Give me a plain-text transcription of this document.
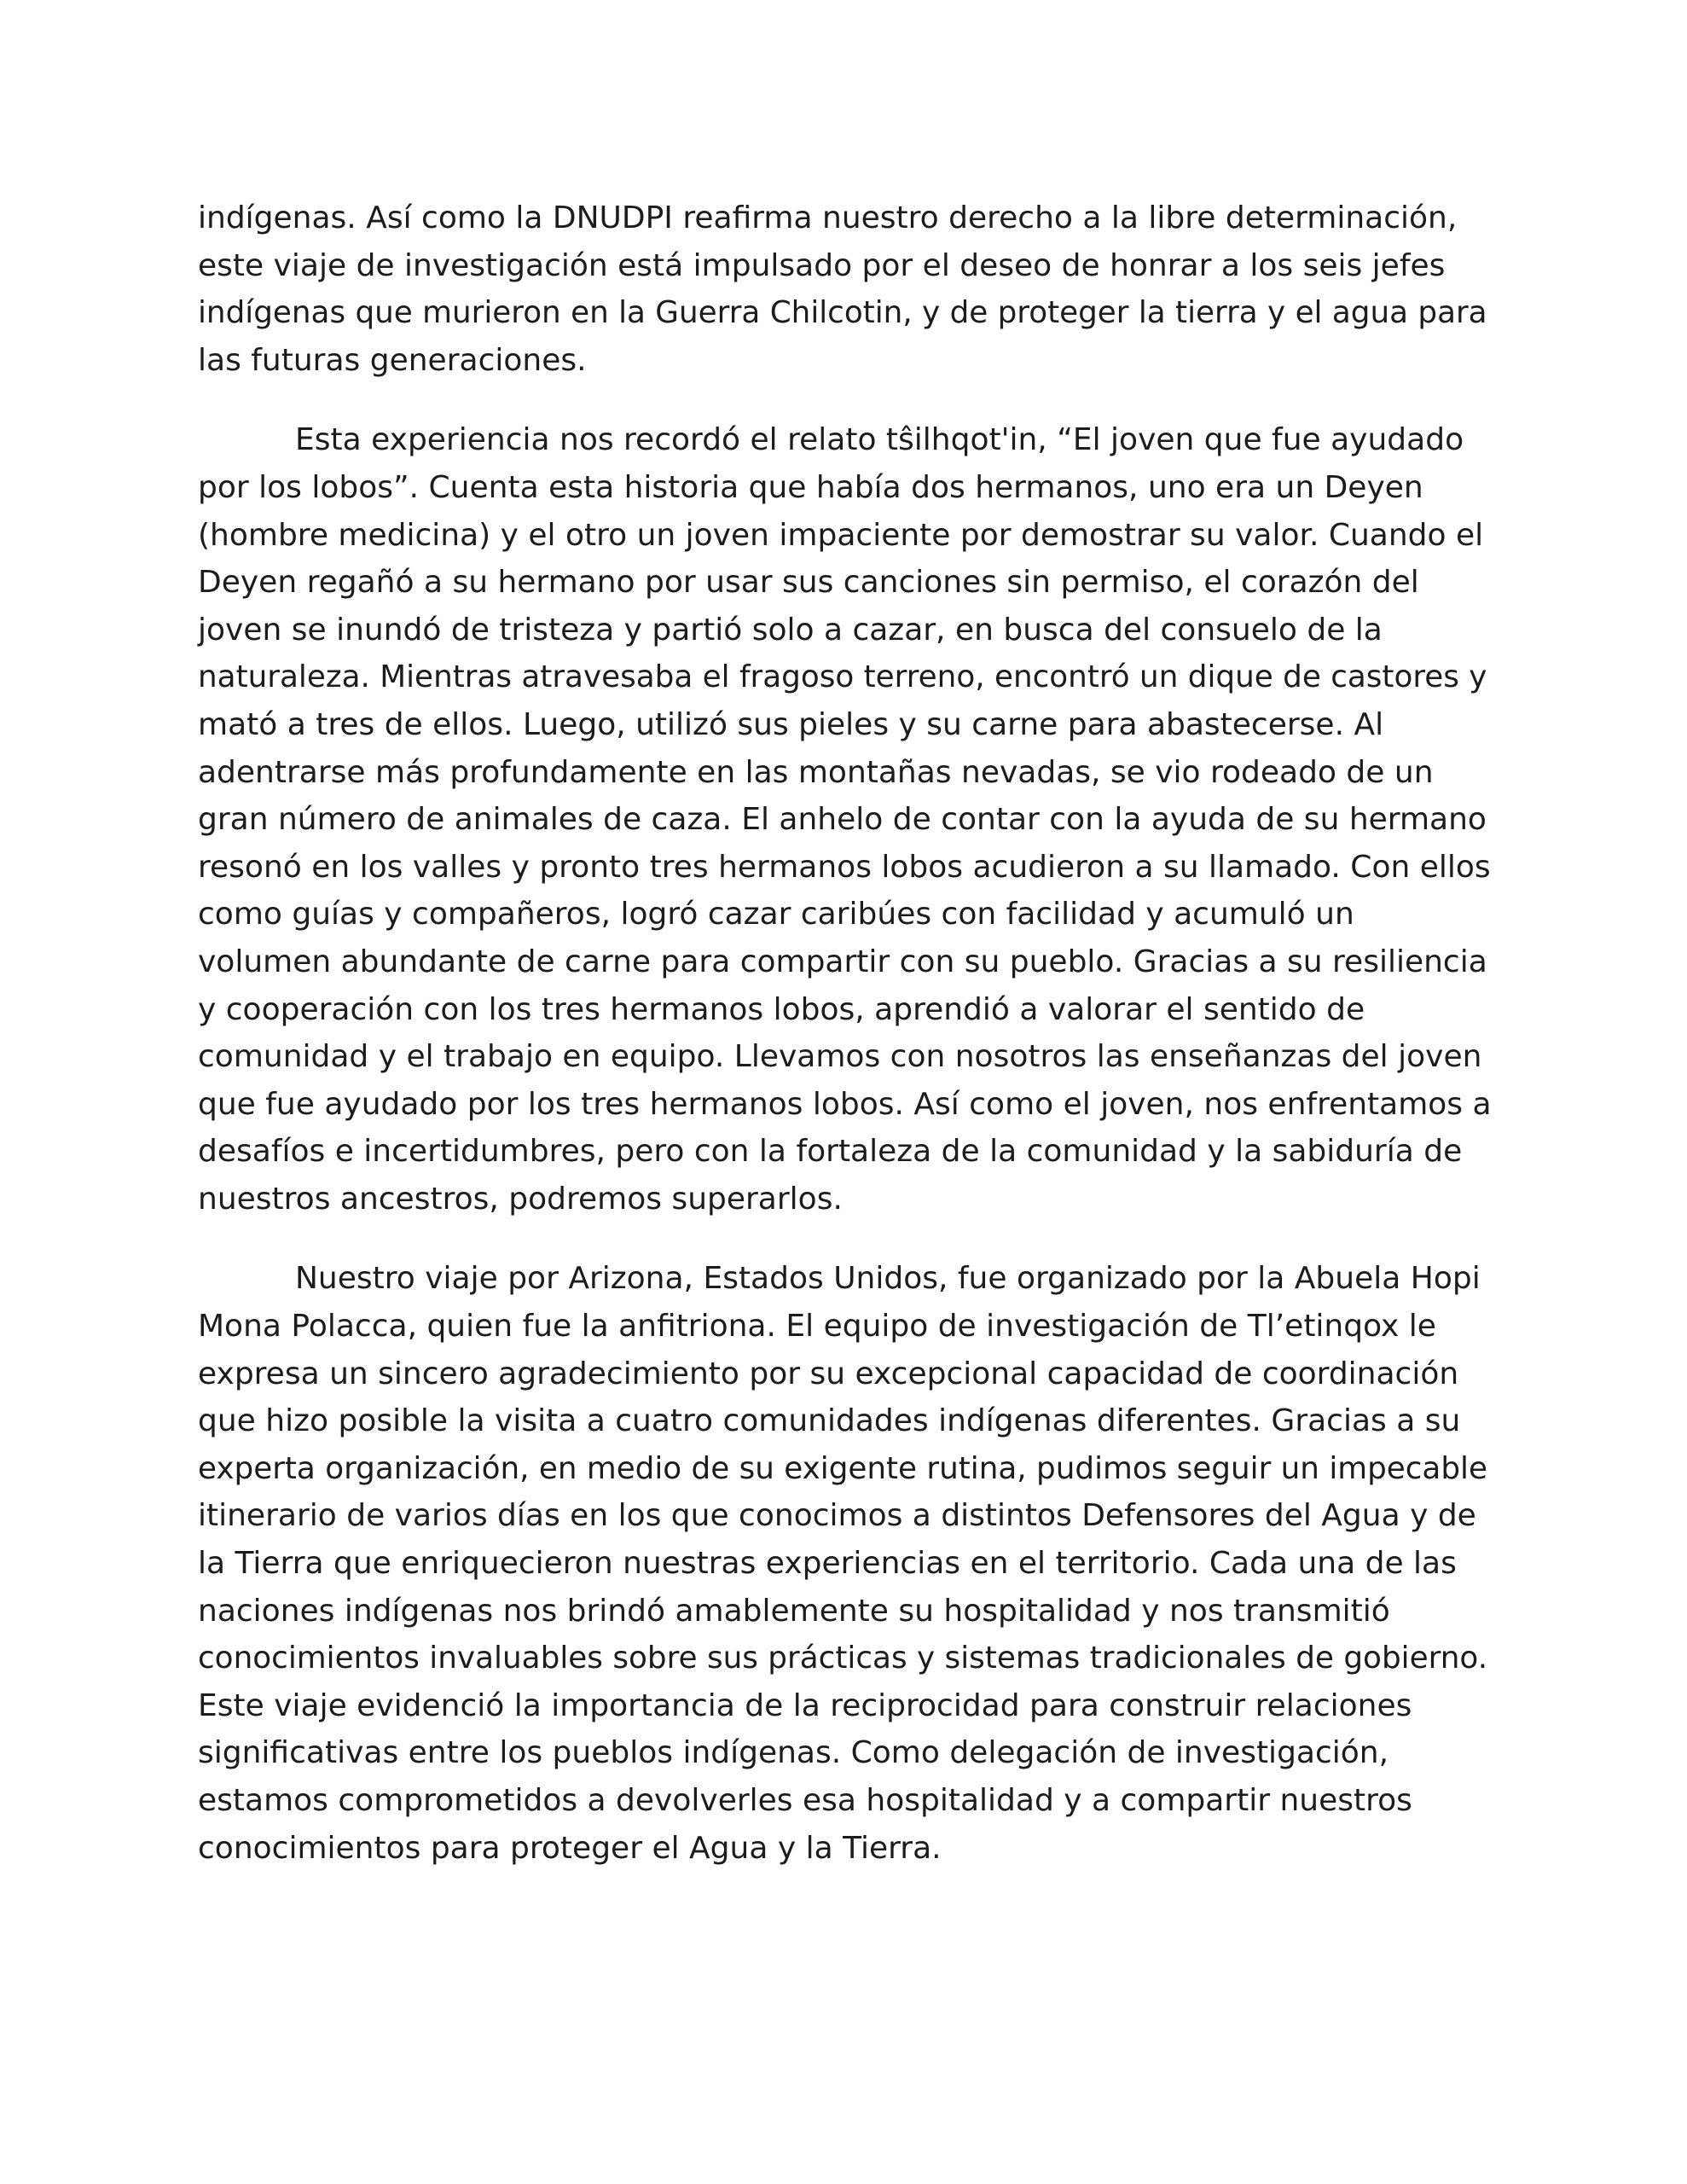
indígenas. Así como la DNUDPI reafirma nuestro derecho a la libre determinación,
este viaje de investigación está impulsado por el deseo de honrar a los seis jefes
indígenas que murieron en la Guerra Chilcotin, y de proteger la tierra y el agua para
las futuras generaciones.
Esta experiencia nos recordó el relato tŝilhqot'in, “El joven que fue ayudado
por los lobos”. Cuenta esta historia que había dos hermanos, uno era un Deyen
(hombre medicina) y el otro un joven impaciente por demostrar su valor. Cuando el
Deyen regañó a su hermano por usar sus canciones sin permiso, el corazón del
joven se inundó de tristeza y partió solo a cazar, en busca del consuelo de la
naturaleza. Mientras atravesaba el fragoso terreno, encontró un dique de castores y
mató a tres de ellos. Luego, utilizó sus pieles y su carne para abastecerse. Al
adentrarse más profundamente en las montañas nevadas, se vio rodeado de un
gran número de animales de caza. El anhelo de contar con la ayuda de su hermano
resonó en los valles y pronto tres hermanos lobos acudieron a su llamado. Con ellos
como guías y compañeros, logró cazar caribúes con facilidad y acumuló un
volumen abundante de carne para compartir con su pueblo. Gracias a su resiliencia
y cooperación con los tres hermanos lobos, aprendió a valorar el sentido de
comunidad y el trabajo en equipo. Llevamos con nosotros las enseñanzas del joven
que fue ayudado por los tres hermanos lobos. Así como el joven, nos enfrentamos a
desafíos e incertidumbres, pero con la fortaleza de la comunidad y la sabiduría de
nuestros ancestros, podremos superarlos.
Nuestro viaje por Arizona, Estados Unidos, fue organizado por la Abuela Hopi
Mona Polacca, quien fue la anfitriona. El equipo de investigación de Tl’etinqox le
expresa un sincero agradecimiento por su excepcional capacidad de coordinación
que hizo posible la visita a cuatro comunidades indígenas diferentes. Gracias a su
experta organización, en medio de su exigente rutina, pudimos seguir un impecable
itinerario de varios días en los que conocimos a distintos Defensores del Agua y de
la Tierra que enriquecieron nuestras experiencias en el territorio. Cada una de las
naciones indígenas nos brindó amablemente su hospitalidad y nos transmitió
conocimientos invaluables sobre sus prácticas y sistemas tradicionales de gobierno.
Este viaje evidenció la importancia de la reciprocidad para construir relaciones
significativas entre los pueblos indígenas. Como delegación de investigación,
estamos comprometidos a devolverles esa hospitalidad y a compartir nuestros
conocimientos para proteger el Agua y la Tierra.
